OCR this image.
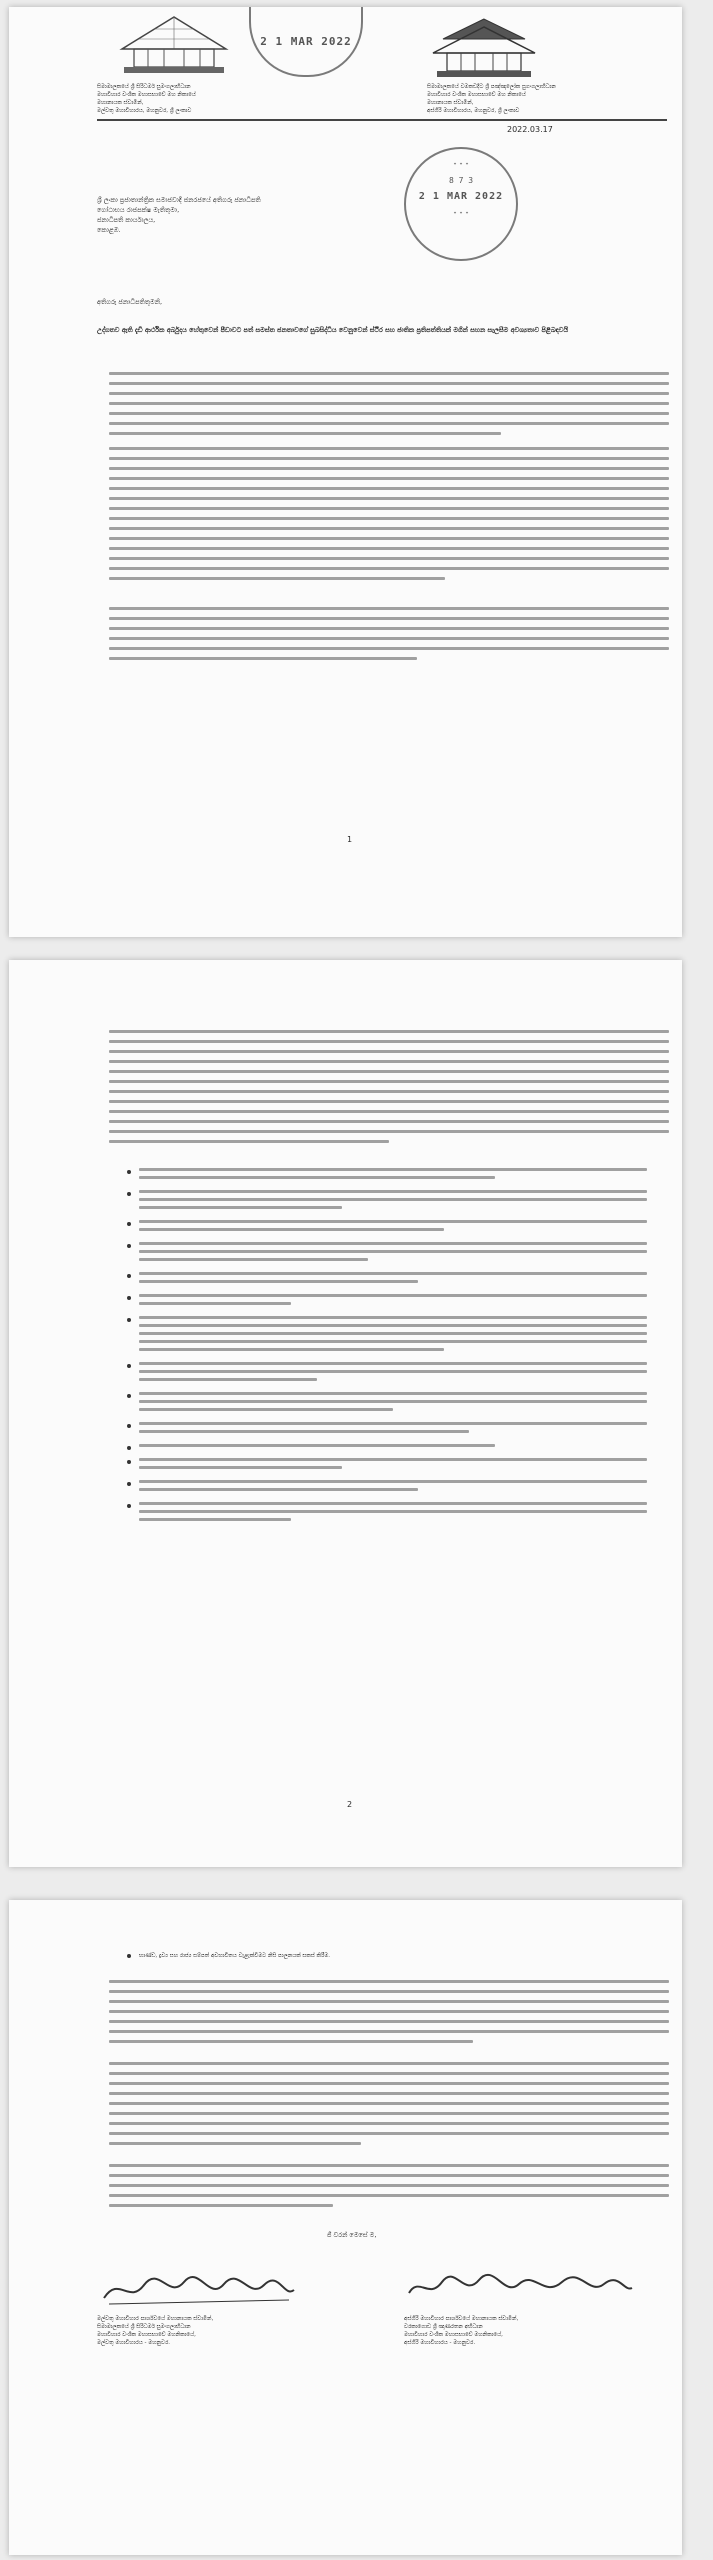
2 1 MAR 2022
සිමාමාලකයේ ශ්‍රී සිරිධර්ම සුමංගලාභිධාන
මහාවිහාර වංශික මහාසභාවේ මහ නිකායේ
මහානායක ස්වාමීන්,
මල්වතු මහාවිහාරය, මහනුවර, ශ්‍රී ලංකාව
සිමාමාලකයේ වමකඩදිට ශ්‍රී පඤ්ඤාලෝක සුගංගලාභිධාන
මහාවිහාර වංශික මහාසභාවේ මහ නිකායේ
මහානායක ස්වාමීන්,
අස්ගිරි මහාවිහාරය, මහනුවර, ශ්‍රී ලංකාව
2022.03.17
✦ ✦ ✦
8 7 3
2 1 MAR 2022
✦ ✦ ✦
ශ්‍රී ලංකා ප්‍රජාතාන්ත්‍රික සමාජවාදී ජනරජයේ අතිගරු ජනාධිපති
ගෝඨාභය රාජපක්ෂ මැතිතුමා,
ජනාධිපති කාර්යාලය,
කොළඹ.
අතිගරු ජනාධිපතිතුමනි,
උද්ගතව ඇති දැඩි ආර්ථික අර්බුදය හේතුවෙන් පීඩාවට පත් සමස්ත ජනතාවගේ සුබසිද්ධිය වෙනුවෙන් ස්ථිර සහ ජාතික ප්‍රතිපත්තියක් මගින් සහන සැලසීම අවශ්‍යතාව පිළිබඳවයි
1
2
භාණ්ඩ, ද්‍රව්‍ය සහ රාජ්‍ය සම්පත් අවභාවිතය වැළැක්වීමට නිසි පාලනයක් සකස් කිරීම.
ජී වරන් මෙසේ ම,
මල්වතු මහාවිහාර පාර්ශ්වයේ මහානායක ස්වාමීන්,
සිමාමාලකයේ ශ්‍රී සිරිධර්ම සුමංගලාභිධාන
මහාවිහාර වංශික මහාසභාවේ මහනිකායේ,
මල්වතු මහාවිහාරය - මහනුවර.
අස්ගිරි මහාවිහාර පාර්ශ්වයේ මහානායක ස්වාමීන්,
වරකාගොඩ ශ්‍රී ඤාණරතන අභිධාන
මහාවිහාර වංශික මහාසභාවේ මහනිකායේ,
අස්ගිරි මහාවිහාරය - මහනුවර.
